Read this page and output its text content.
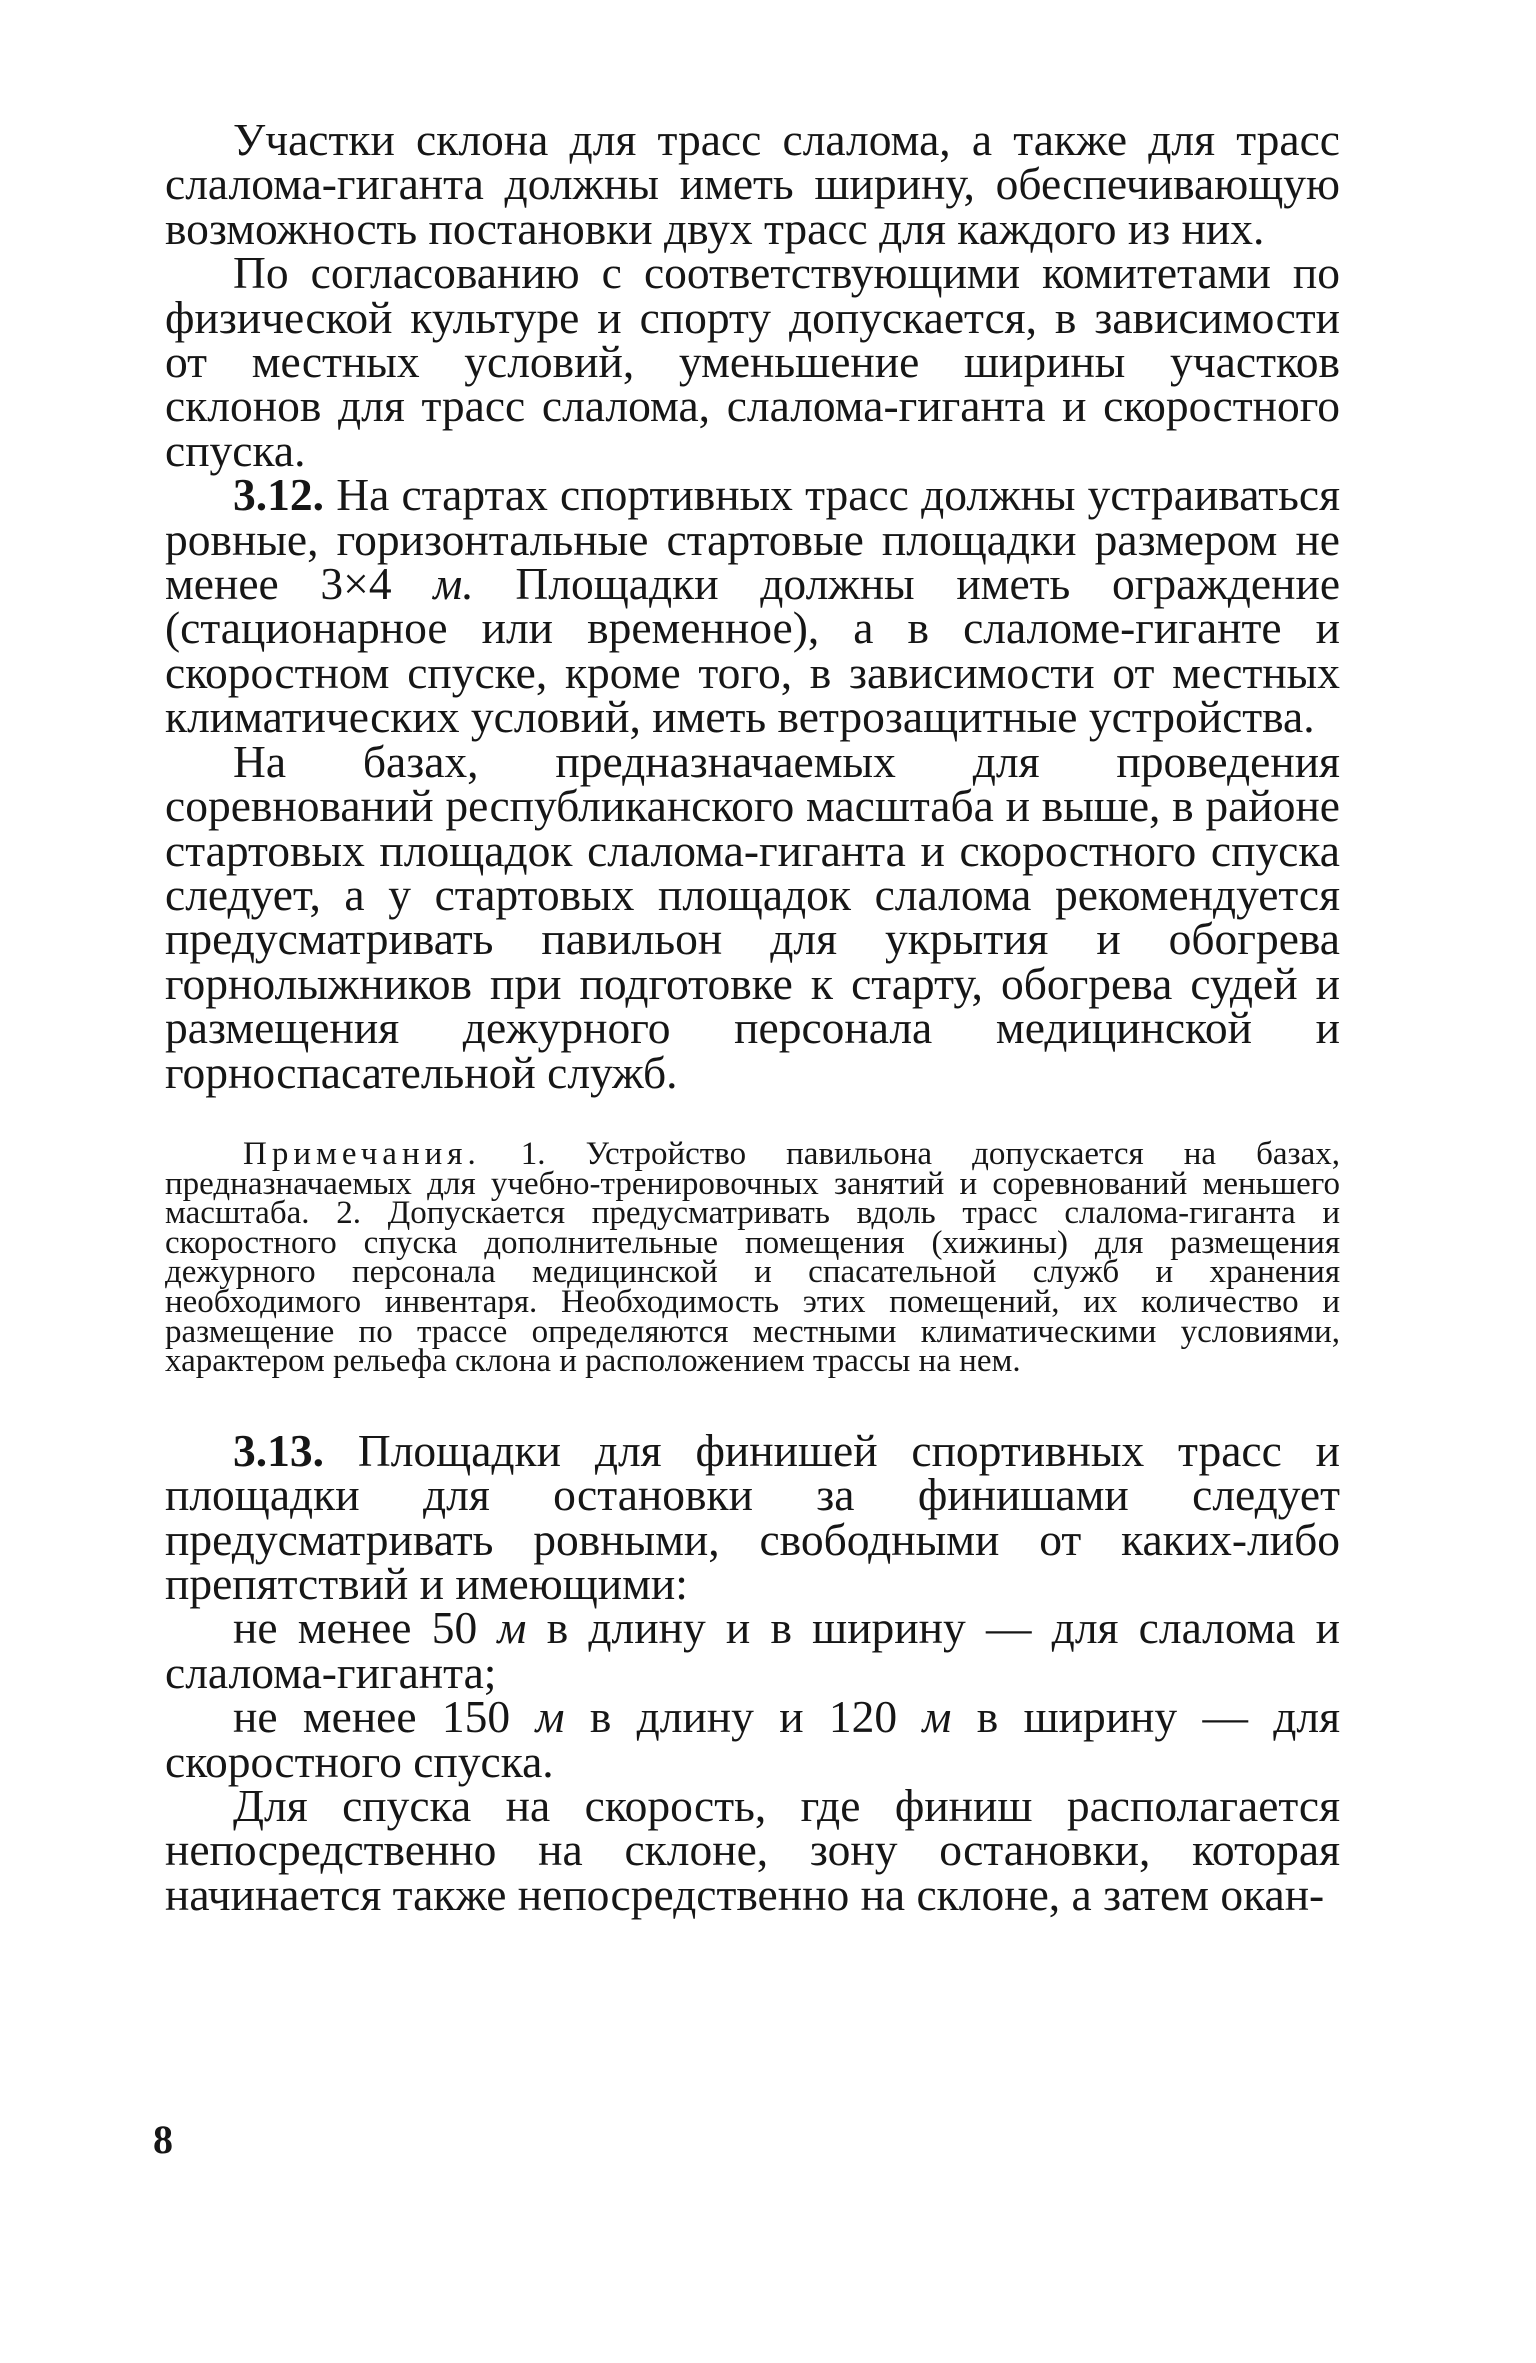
Участки склона для трасс слалома, а также для трасс слалома-гиганта должны иметь ширину, обеспечивающую возможность постановки двух трасс для каждого из них.

По согласованию с соответствующими комитетами по физической культуре и спорту допускается, в зависимости от местных условий, уменьшение ширины участков склонов для трасс слалома, слалома-гиганта и скоростного спуска.

3.12. На стартах спортивных трасс должны устраиваться ровные, горизонтальные стартовые площадки размером не менее 3×4 м. Площадки должны иметь ограждение (стационарное или временное), а в слаломе-гиганте и скоростном спуске, кроме того, в зависимости от местных климатических условий, иметь ветрозащитные устройства.

На базах, предназначаемых для проведения соревнований республиканского масштаба и выше, в районе стартовых площадок слалома-гиганта и скоростного спуска следует, а у стартовых площадок слалома рекомендуется предусматривать павильон для укрытия и обогрева горнолыжников при подготовке к старту, обогрева судей и размещения дежурного персонала медицинской и горноспасательной служб.

Примечания. 1. Устройство павильона допускается на базах, предназначаемых для учебно-тренировочных занятий и соревнований меньшего масштаба. 2. Допускается предусматривать вдоль трасс слалома-гиганта и скоростного спуска дополнительные помещения (хижины) для размещения дежурного персонала медицинской и спасательной служб и хранения необходимого инвентаря. Необходимость этих помещений, их количество и размещение по трассе определяются местными климатическими условиями, характером рельефа склона и расположением трассы на нем.

3.13. Площадки для финишей спортивных трасс и площадки для остановки за финишами следует предусматривать ровными, свободными от каких-либо препятствий и имеющими:

не менее 50 м в длину и в ширину — для слалома и слалома-гиганта;

не менее 150 м в длину и 120 м в ширину — для скоростного спуска.

Для спуска на скорость, где финиш располагается непосредственно на склоне, зону остановки, которая начинается также непосредственно на склоне, а затем окан-

8
